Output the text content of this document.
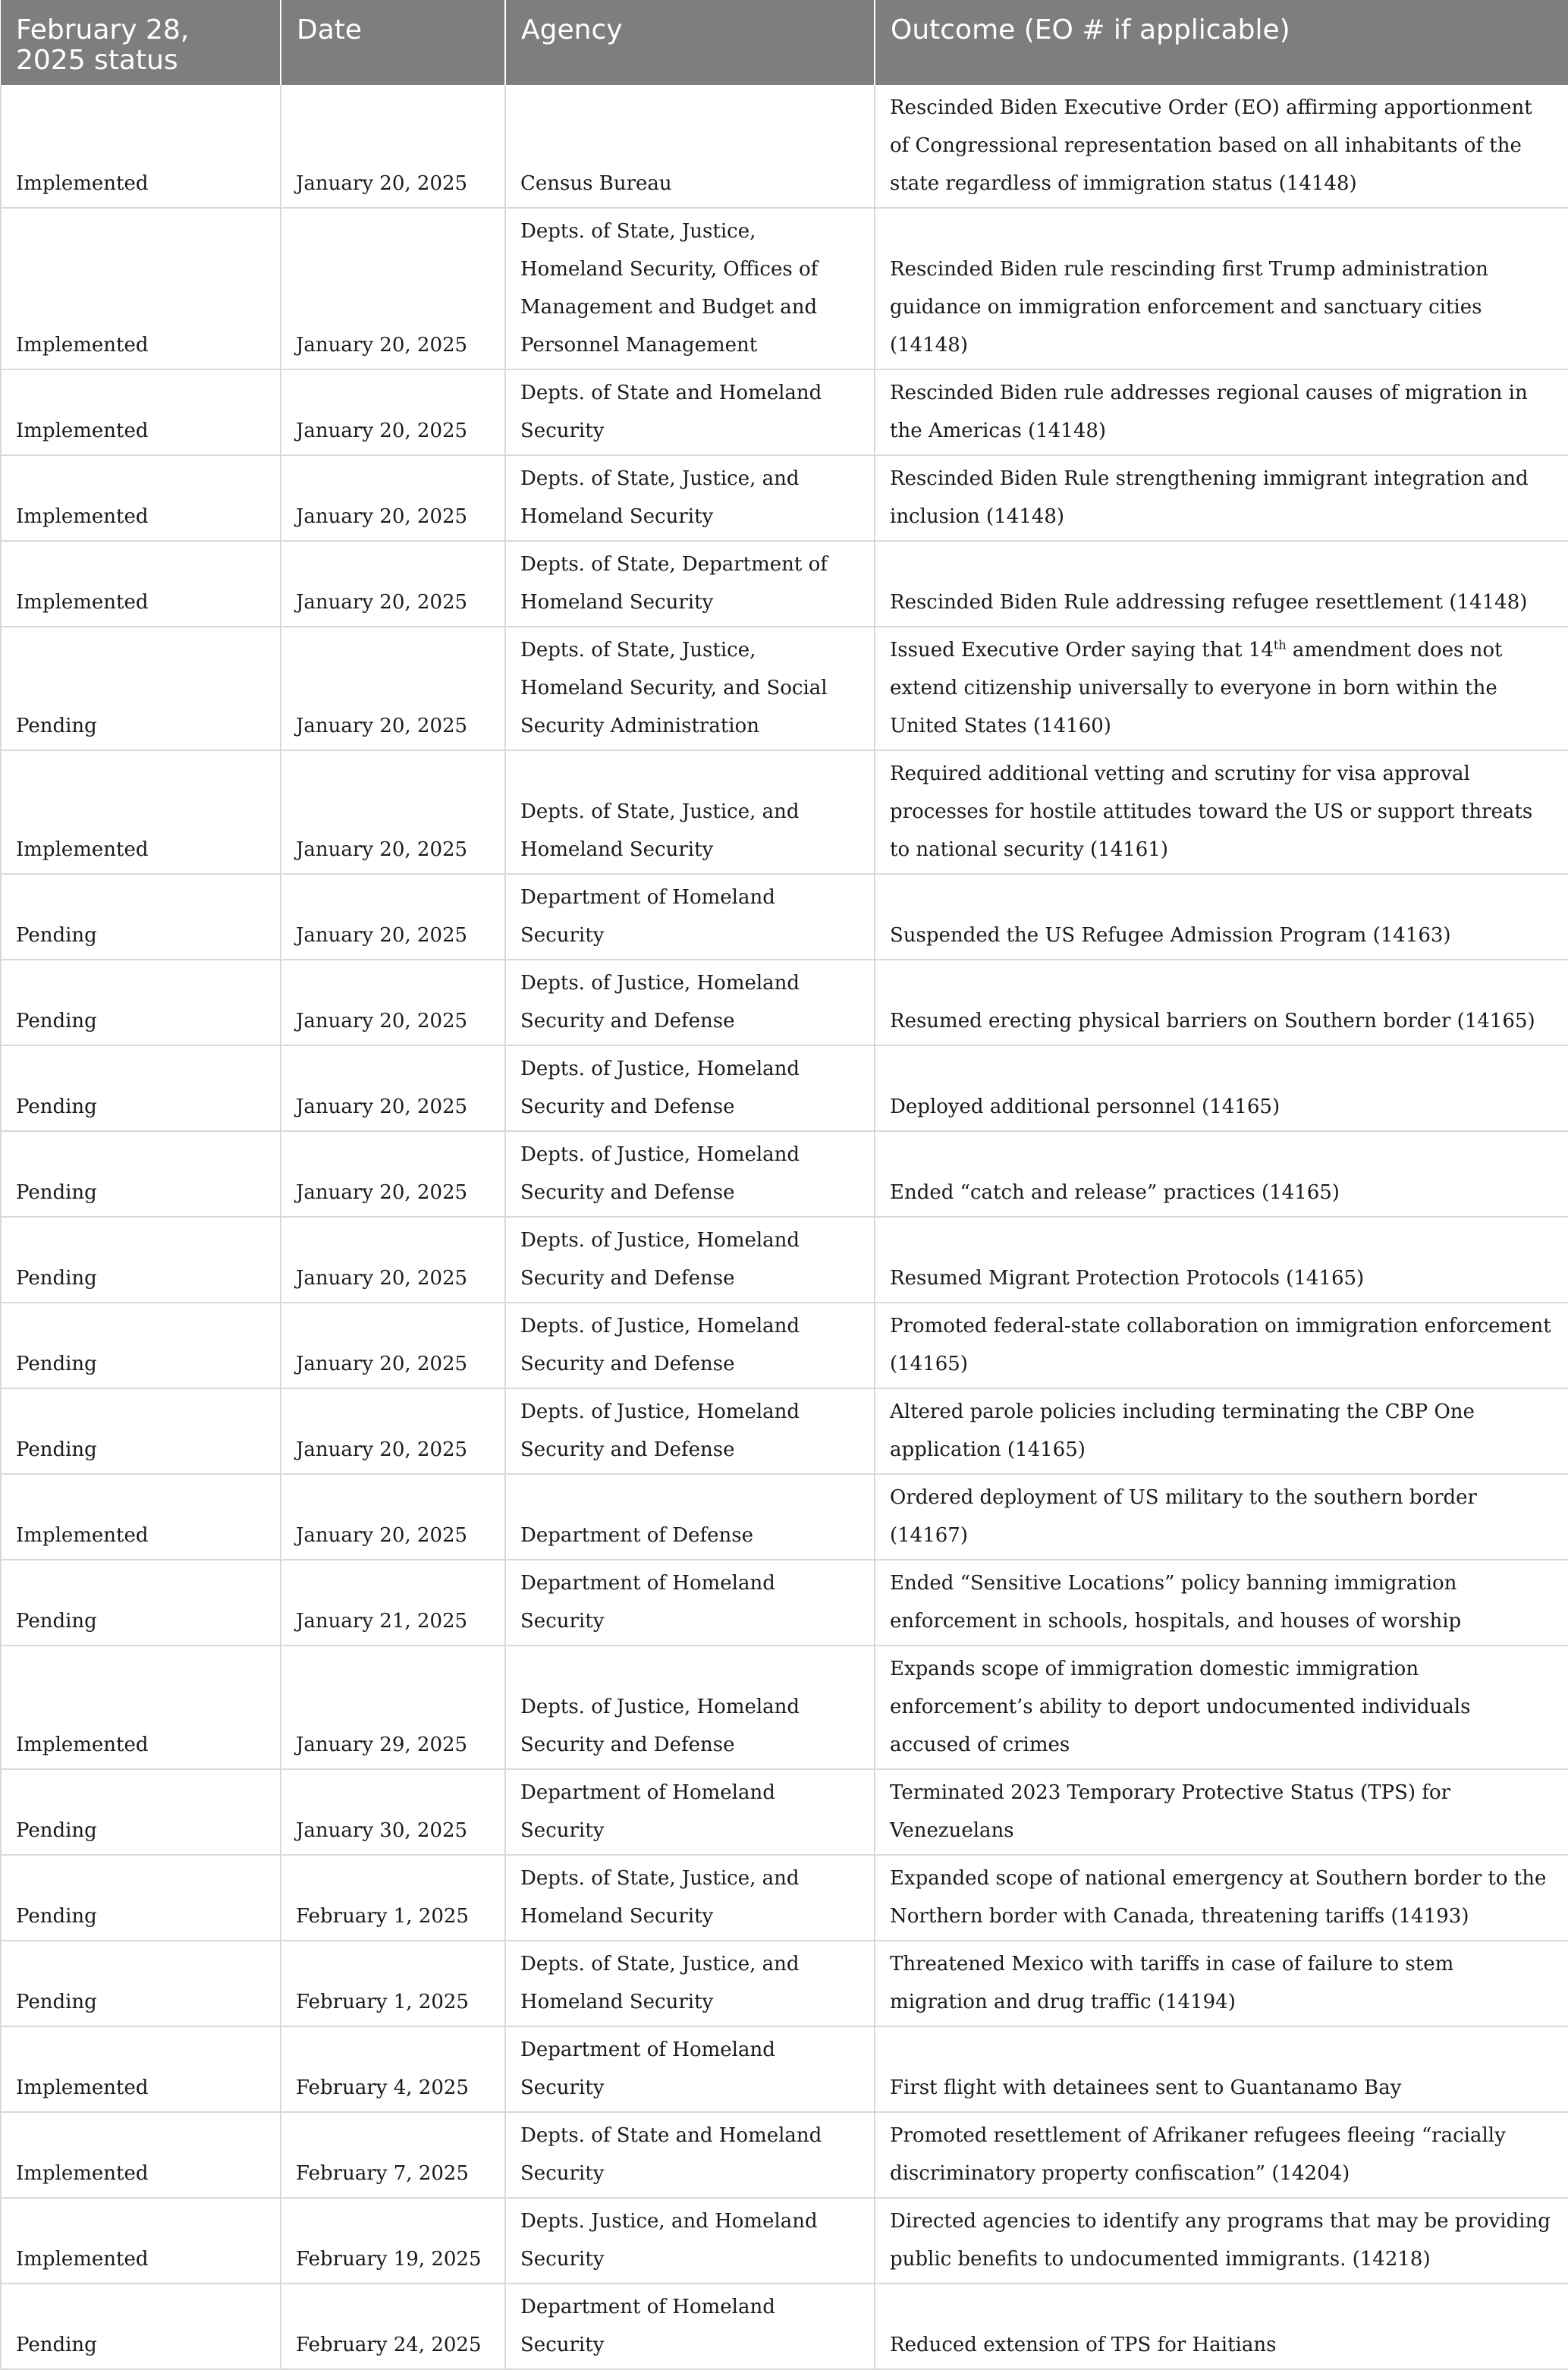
February 28, 2025 status	Date	Agency	Outcome (EO # if applicable)
Implemented	January 20, 2025	Census Bureau	Rescinded Biden Executive Order (EO) affirming apportionment of Congressional representation based on all inhabitants of the state regardless of immigration status (14148)
Implemented	January 20, 2025	Depts. of State, Justice, Homeland Security, Offices of Management and Budget and Personnel Management	Rescinded Biden rule rescinding first Trump administration guidance on immigration enforcement and sanctuary cities (14148)
Implemented	January 20, 2025	Depts. of State and Homeland Security	Rescinded Biden rule addresses regional causes of migration in the Americas (14148)
Implemented	January 20, 2025	Depts. of State, Justice, and Homeland Security	Rescinded Biden Rule strengthening immigrant integration and inclusion (14148)
Implemented	January 20, 2025	Depts. of State, Department of Homeland Security	Rescinded Biden Rule addressing refugee resettlement (14148)
Pending	January 20, 2025	Depts. of State, Justice, Homeland Security, and Social Security Administration	Issued Executive Order saying that 14th amendment does not extend citizenship universally to everyone in born within the United States (14160)
Implemented	January 20, 2025	Depts. of State, Justice, and Homeland Security	Required additional vetting and scrutiny for visa approval processes for hostile attitudes toward the US or support threats to national security (14161)
Pending	January 20, 2025	Department of Homeland Security	Suspended the US Refugee Admission Program (14163)
Pending	January 20, 2025	Depts. of Justice, Homeland Security and Defense	Resumed erecting physical barriers on Southern border (14165)
Pending	January 20, 2025	Depts. of Justice, Homeland Security and Defense	Deployed additional personnel (14165)
Pending	January 20, 2025	Depts. of Justice, Homeland Security and Defense	Ended “catch and release” practices (14165)
Pending	January 20, 2025	Depts. of Justice, Homeland Security and Defense	Resumed Migrant Protection Protocols (14165)
Pending	January 20, 2025	Depts. of Justice, Homeland Security and Defense	Promoted federal-state collaboration on immigration enforcement (14165)
Pending	January 20, 2025	Depts. of Justice, Homeland Security and Defense	Altered parole policies including terminating the CBP One application (14165)
Implemented	January 20, 2025	Department of Defense	Ordered deployment of US military to the southern border (14167)
Pending	January 21, 2025	Department of Homeland Security	Ended “Sensitive Locations” policy banning immigration enforcement in schools, hospitals, and houses of worship
Implemented	January 29, 2025	Depts. of Justice, Homeland Security and Defense	Expands scope of immigration domestic immigration enforcement’s ability to deport undocumented individuals accused of crimes
Pending	January 30, 2025	Department of Homeland Security	Terminated 2023 Temporary Protective Status (TPS) for Venezuelans
Pending	February 1, 2025	Depts. of State, Justice, and Homeland Security	Expanded scope of national emergency at Southern border to the Northern border with Canada, threatening tariffs (14193)
Pending	February 1, 2025	Depts. of State, Justice, and Homeland Security	Threatened Mexico with tariffs in case of failure to stem migration and drug traffic (14194)
Implemented	February 4, 2025	Department of Homeland Security	First flight with detainees sent to Guantanamo Bay
Implemented	February 7, 2025	Depts. of State and Homeland Security	Promoted resettlement of Afrikaner refugees fleeing “racially discriminatory property confiscation” (14204)
Implemented	February 19, 2025	Depts. Justice, and Homeland Security	Directed agencies to identify any programs that may be providing public benefits to undocumented immigrants. (14218)
Pending	February 24, 2025	Department of Homeland Security	Reduced extension of TPS for Haitians
